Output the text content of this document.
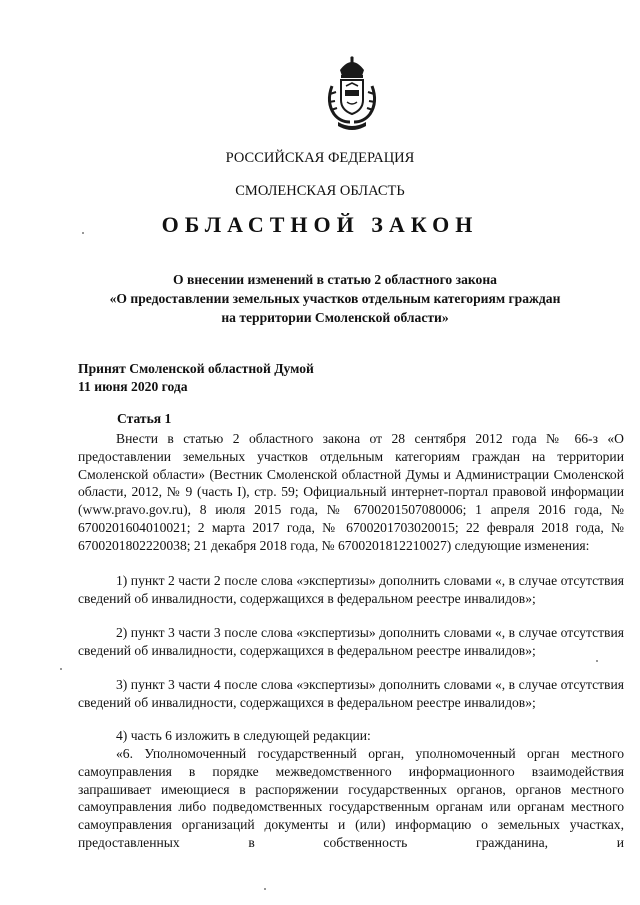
РОССИЙСКАЯ ФЕДЕРАЦИЯ
СМОЛЕНСКАЯ ОБЛАСТЬ
ОБЛАСТНОЙ ЗАКОН
О внесении изменений в статью 2 областного закона
«О предоставлении земельных участков отдельным категориям граждан
на территории Смоленской области»
Принят Смоленской областной Думой
11 июня 2020 года
Статья 1

Внести в статью 2 областного закона от 28 сентября 2012 года № 66-з «О предоставлении земельных участков отдельным категориям граждан на территории Смоленской области» (Вестник Смоленской областной Думы и Администрации Смоленской области, 2012, № 9 (часть I), стр. 59; Официальный интернет-портал правовой информации (www.pravo.gov.ru), 8 июля 2015 года, № 6700201507080006; 1 апреля 2016 года, № 6700201604010021; 2 марта 2017 года, № 6700201703020015; 22 февраля 2018 года, № 6700201802220038; 21 декабря 2018 года, № 6700201812210027) следующие изменения:

1) пункт 2 части 2 после слова «экспертизы» дополнить словами «, в случае отсутствия сведений об инвалидности, содержащихся в федеральном реестре инвалидов»;

2) пункт 3 части 3 после слова «экспертизы» дополнить словами «, в случае отсутствия сведений об инвалидности, содержащихся в федеральном реестре инвалидов»;

3) пункт 3 части 4 после слова «экспертизы» дополнить словами «, в случае отсутствия сведений об инвалидности, содержащихся в федеральном реестре инвалидов»;

4) часть 6 изложить в следующей редакции:

«6. Уполномоченный государственный орган, уполномоченный орган местного самоуправления в порядке межведомственного информационного взаимодействия запрашивает имеющиеся в распоряжении государственных органов, органов местного самоуправления либо подведомственных государственным органам или органам местного самоуправления организаций документы и (или) информацию о земельных участках, предоставленных в собственность гражданина, и
